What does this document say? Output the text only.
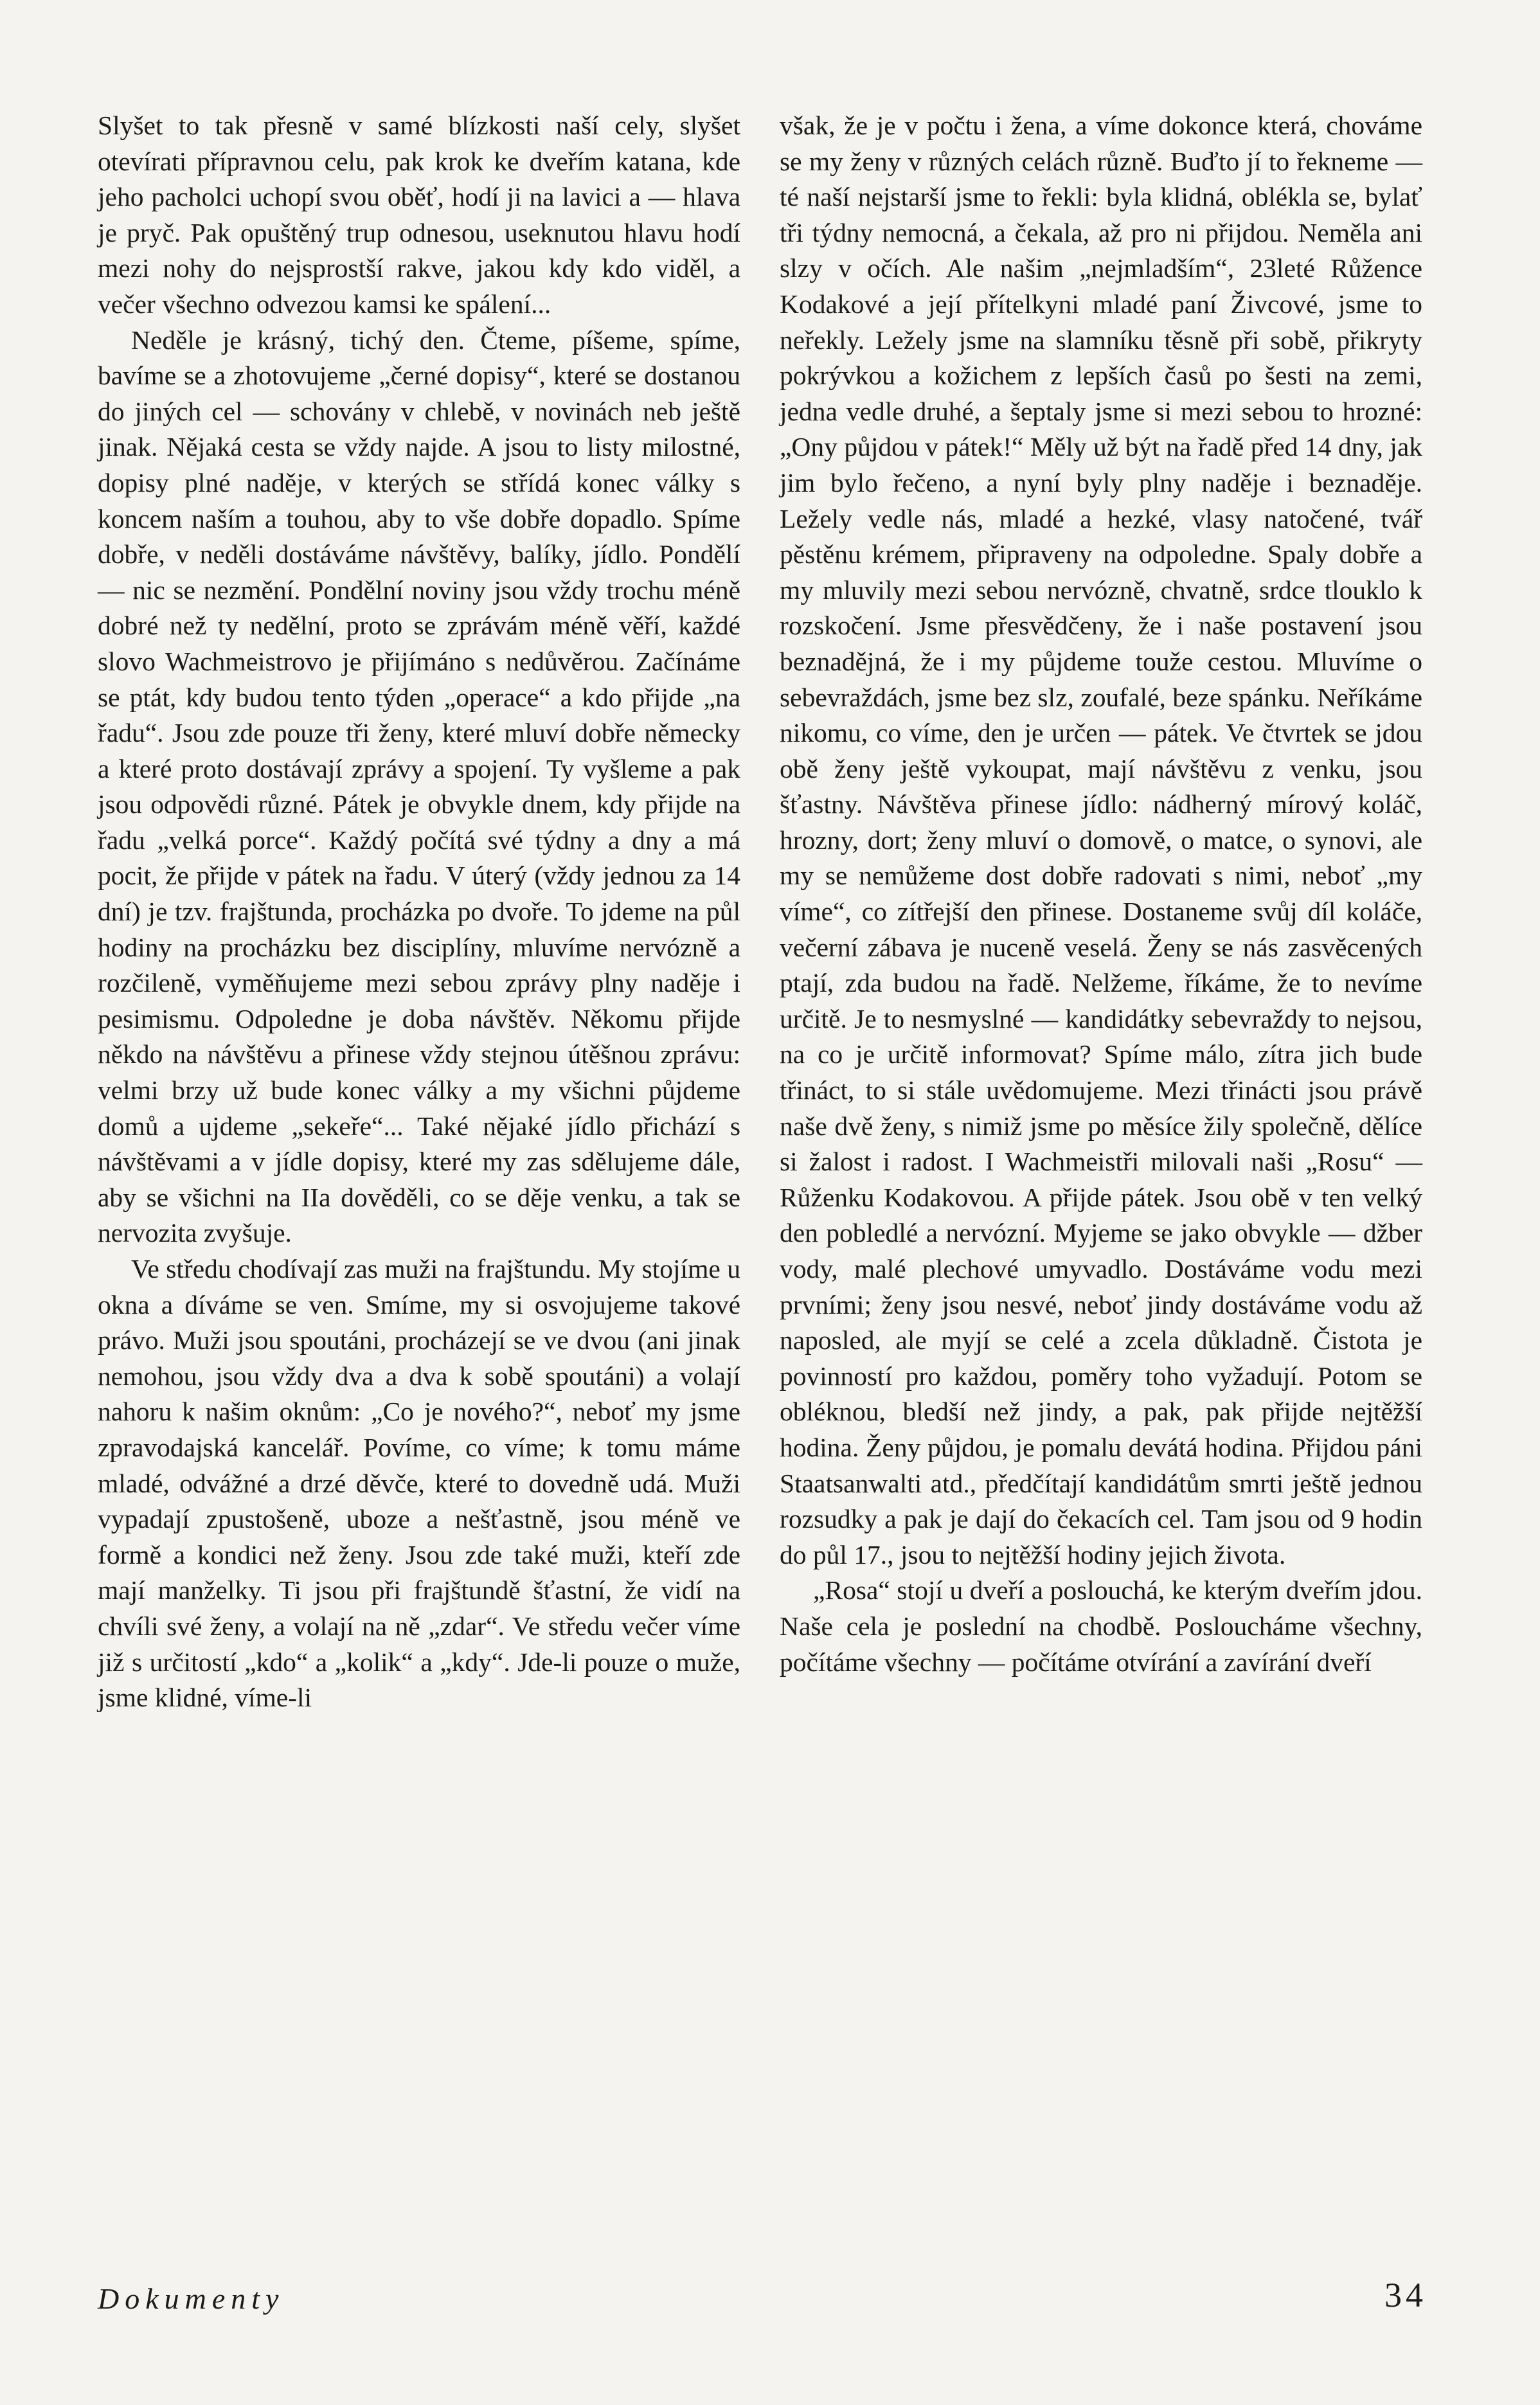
Slyšet to tak přesně v samé blízkosti naší cely, slyšet otevírati přípravnou celu, pak krok ke dveřím katana, kde jeho pacholci uchopí svou oběť, hodí ji na lavici a — hlava je pryč. Pak opuštěný trup odnesou, useknutou hlavu hodí mezi nohy do nejsprostší rakve, jakou kdy kdo viděl, a večer všechno odvezou kamsi ke spálení...

Neděle je krásný, tichý den. Čteme, píšeme, spíme, bavíme se a zhotovujeme „černé dopisy“, které se dostanou do jiných cel — schovány v chlebě, v novinách neb ještě jinak. Nějaká cesta se vždy najde. A jsou to listy milostné, dopisy plné naděje, v kterých se střídá konec války s koncem naším a touhou, aby to vše dobře dopadlo. Spíme dobře, v neděli dostáváme návštěvy, balíky, jídlo. Pondělí — nic se nezmění. Pondělní noviny jsou vždy trochu méně dobré než ty nedělní, proto se zprávám méně věří, každé slovo Wachmeistrovo je přijímáno s nedůvěrou. Začínáme se ptát, kdy budou tento týden „operace“ a kdo přijde „na řadu“. Jsou zde pouze tři ženy, které mluví dobře německy a které proto dostávají zprávy a spojení. Ty vyšleme a pak jsou odpovědi různé. Pátek je obvykle dnem, kdy přijde na řadu „velká porce“. Každý počítá své týdny a dny a má pocit, že přijde v pátek na řadu. V úterý (vždy jednou za 14 dní) je tzv. frajštunda, procházka po dvoře. To jdeme na půl hodiny na procházku bez disciplíny, mluvíme nervózně a rozčileně, vyměňujeme mezi sebou zprávy plny naděje i pesimismu. Odpoledne je doba návštěv. Někomu přijde někdo na návštěvu a přinese vždy stejnou útěšnou zprávu: velmi brzy už bude konec války a my všichni půjdeme domů a ujdeme „sekeře“... Také nějaké jídlo přichází s návštěvami a v jídle dopisy, které my zas sdělujeme dále, aby se všichni na IIa dověděli, co se děje venku, a tak se nervozita zvyšuje.

Ve středu chodívají zas muži na frajštundu. My stojíme u okna a díváme se ven. Smíme, my si osvojujeme takové právo. Muži jsou spoutáni, procházejí se ve dvou (ani jinak nemohou, jsou vždy dva a dva k sobě spoutáni) a volají nahoru k našim oknům: „Co je nového?“, neboť my jsme zpravodajská kancelář. Povíme, co víme; k tomu máme mladé, odvážné a drzé děvče, které to dovedně udá. Muži vypadají zpustošeně, uboze a nešťastně, jsou méně ve formě a kondici než ženy. Jsou zde také muži, kteří zde mají manželky. Ti jsou při frajštundě šťastní, že vidí na chvíli své ženy, a volají na ně „zdar“. Ve středu večer víme již s určitostí „kdo“ a „kolik“ a „kdy“. Jde-li pouze o muže, jsme klidné, víme-li

však, že je v počtu i žena, a víme dokonce která, chováme se my ženy v různých celách různě. Buďto jí to řekneme — té naší nejstarší jsme to řekli: byla klidná, oblékla se, bylať tři týdny nemocná, a čekala, až pro ni přijdou. Neměla ani slzy v očích. Ale našim „nejmladším“, 23leté Růžence Kodakové a její přítelkyni mladé paní Živcové, jsme to neřekly. Ležely jsme na slamníku těsně při sobě, přikryty pokrývkou a kožichem z lepších časů po šesti na zemi, jedna vedle druhé, a šeptaly jsme si mezi sebou to hrozné: „Ony půjdou v pátek!“ Měly už být na řadě před 14 dny, jak jim bylo řečeno, a nyní byly plny naděje i beznaděje. Ležely vedle nás, mladé a hezké, vlasy natočené, tvář pěstěnu krémem, připraveny na odpoledne. Spaly dobře a my mluvily mezi sebou nervózně, chvatně, srdce tlouklo k rozskočení. Jsme přesvědčeny, že i naše postavení jsou beznadějná, že i my půjdeme touže cestou. Mluvíme o sebevraždách, jsme bez slz, zoufalé, beze spánku. Neříkáme nikomu, co víme, den je určen — pátek. Ve čtvrtek se jdou obě ženy ještě vykoupat, mají návštěvu z venku, jsou šťastny. Návštěva přinese jídlo: nádherný mírový koláč, hrozny, dort; ženy mluví o domově, o matce, o synovi, ale my se nemůžeme dost dobře radovati s nimi, neboť „my víme“, co zítřejší den přinese. Dostaneme svůj díl koláče, večerní zábava je nuceně veselá. Ženy se nás zasvěcených ptají, zda budou na řadě. Nelžeme, říkáme, že to nevíme určitě. Je to nesmyslné — kandidátky sebevraždy to nejsou, na co je určitě informovat? Spíme málo, zítra jich bude třináct, to si stále uvědomujeme. Mezi třinácti jsou právě naše dvě ženy, s nimiž jsme po měsíce žily společně, dělíce si žalost i radost. I Wachmeistři milovali naši „Rosu“ — Růženku Kodakovou. A přijde pátek. Jsou obě v ten velký den pobledlé a nervózní. Myjeme se jako obvykle — džber vody, malé plechové umyvadlo. Dostáváme vodu mezi prvními; ženy jsou nesvé, neboť jindy dostáváme vodu až naposled, ale myjí se celé a zcela důkladně. Čistota je povinností pro každou, poměry toho vyžadují. Potom se obléknou, bledší než jindy, a pak, pak přijde nejtěžší hodina. Ženy půjdou, je pomalu devátá hodina. Přijdou páni Staatsanwalti atd., předčítají kandidátům smrti ještě jednou rozsudky a pak je dají do čekacích cel. Tam jsou od 9 hodin do půl 17., jsou to nejtěžší hodiny jejich života.

„Rosa“ stojí u dveří a poslouchá, ke kterým dveřím jdou. Naše cela je poslední na chodbě. Posloucháme všechny, počítáme všechny — počítáme otvírání a zavírání dveří

Dokumenty	34
